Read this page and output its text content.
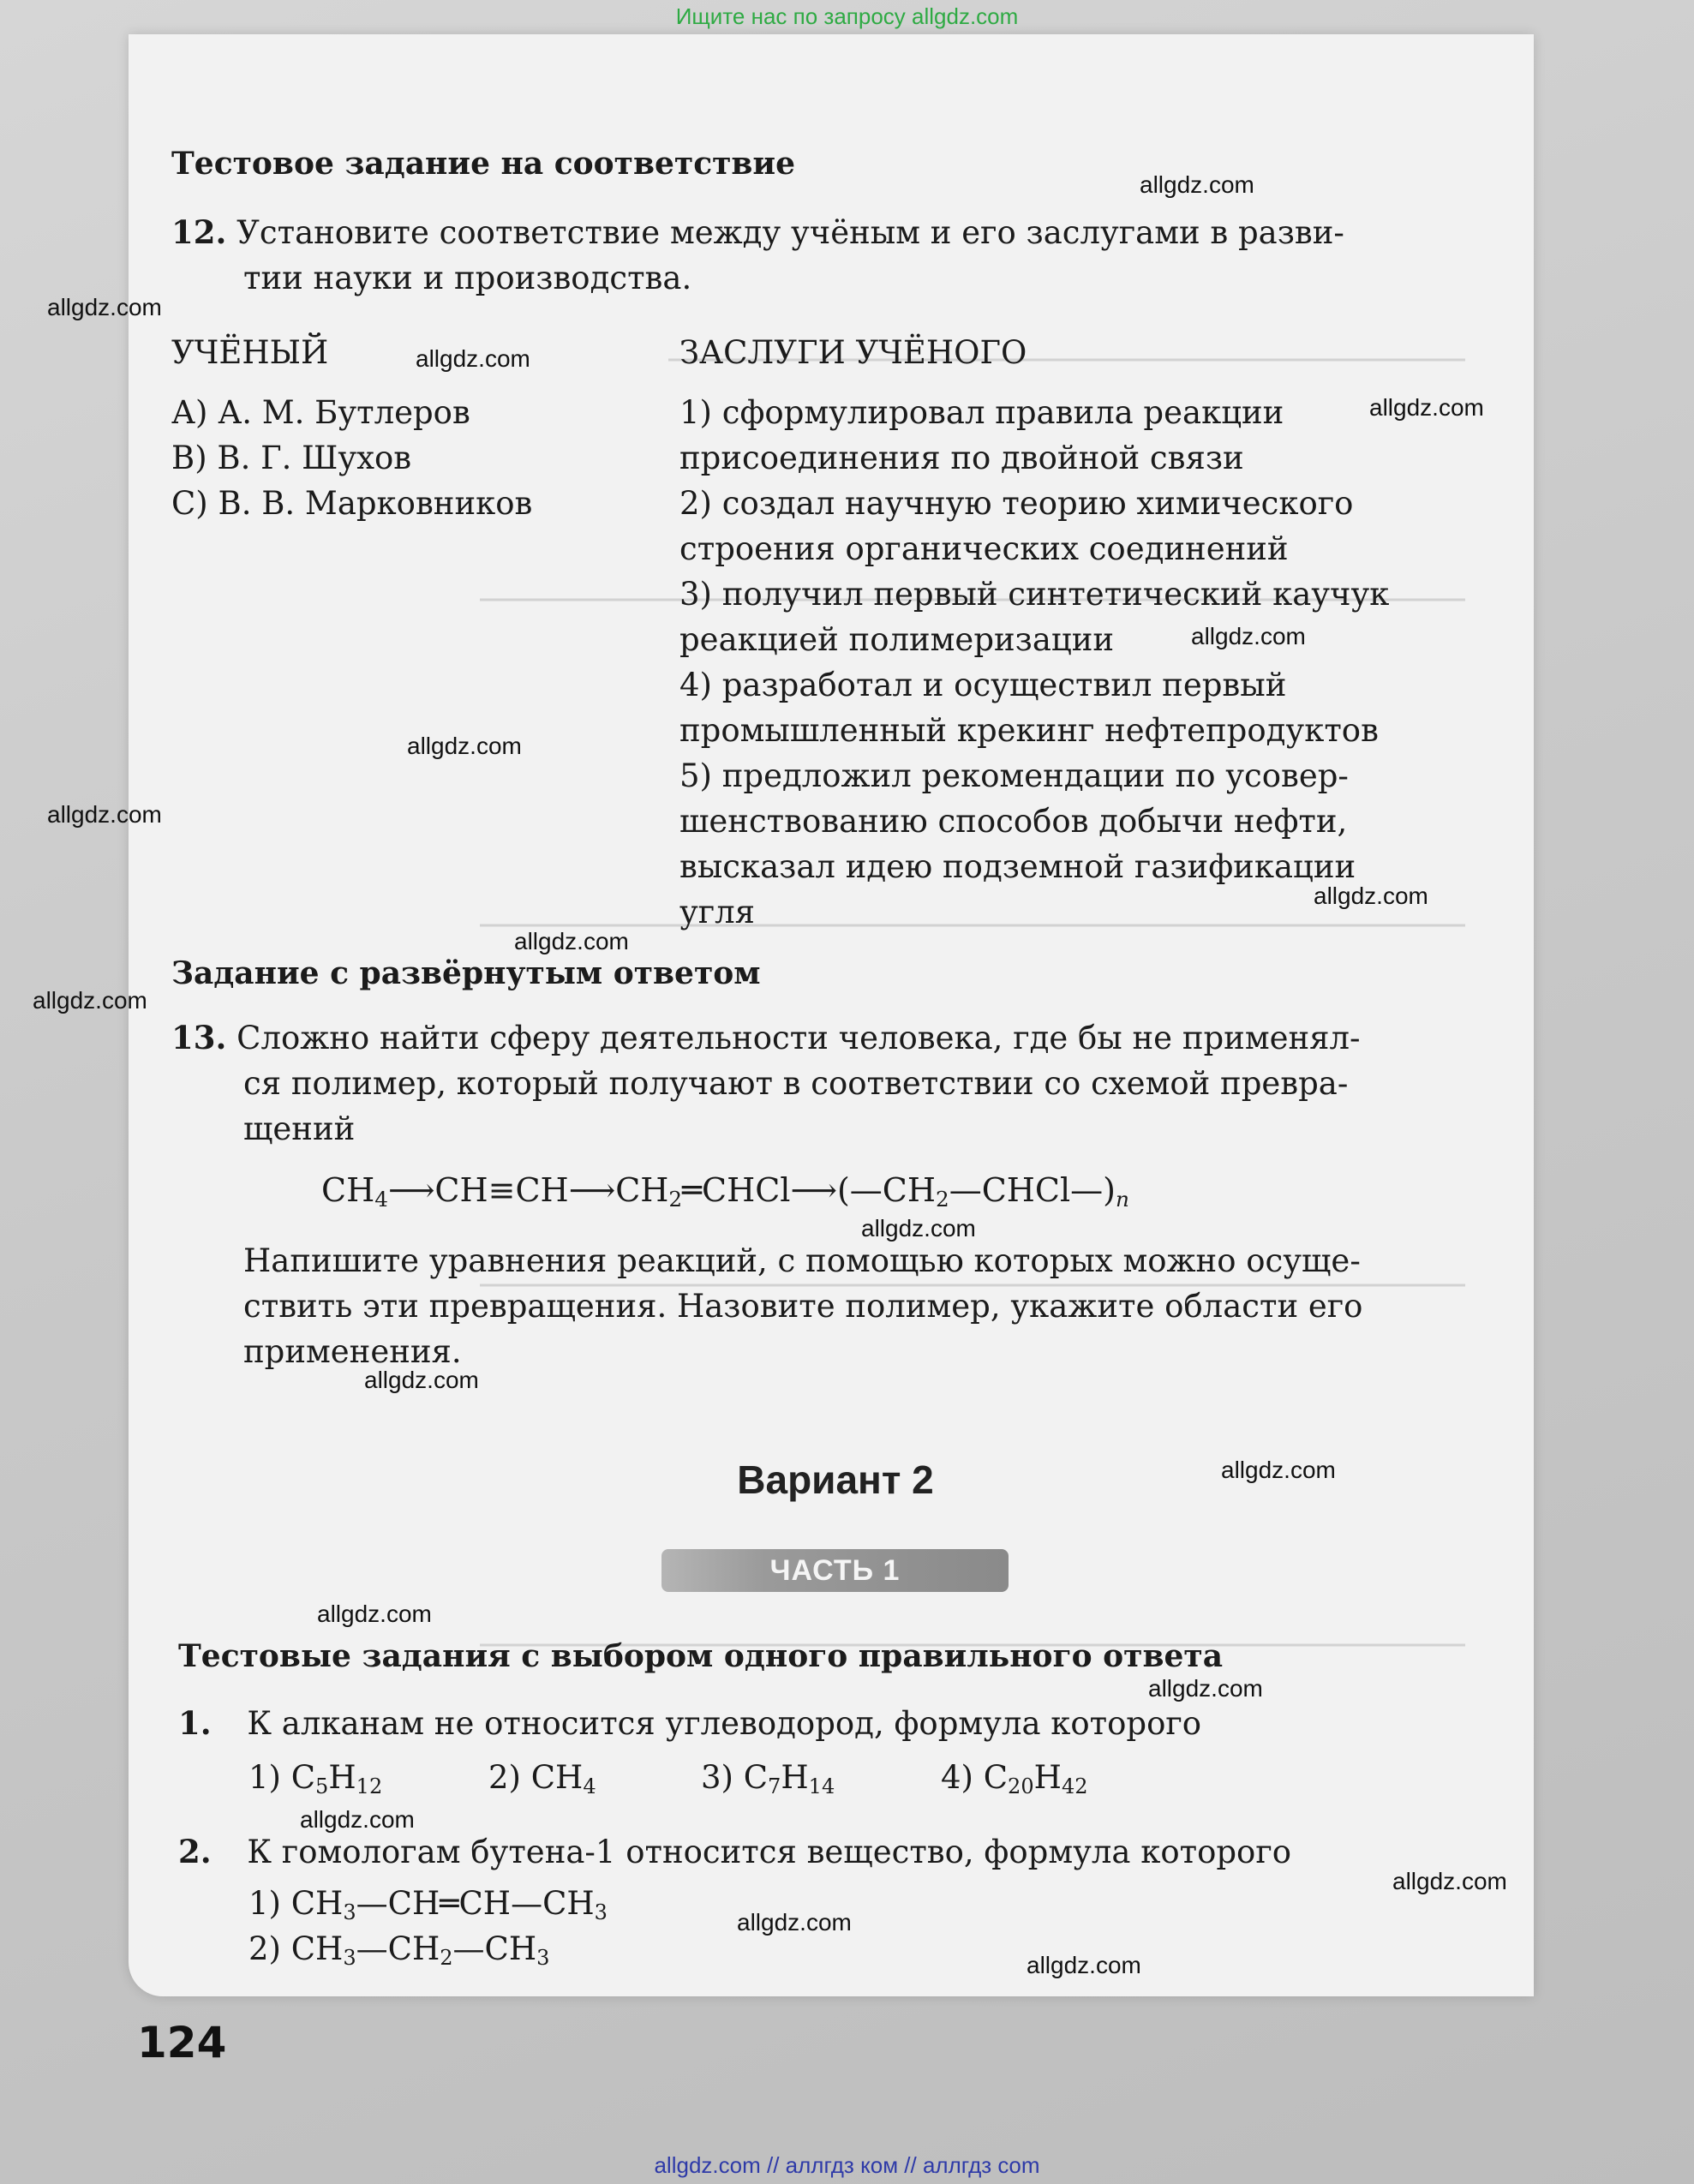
Ищите нас по запросу allgdz.com
Тестовое задание на соответствие
12. Установите соответствие между учёным и его заслугами в разви-
тии науки и производства.
УЧЁНЫЙ	ЗАСЛУГИ УЧЁНОГО
А) А. М. Бутлеров
В) В. Г. Шухов
С) В. В. Марковников
1) сформулировал правила реакции
присоединения по двойной связи
2) создал научную теорию химического
строения органических соединений
3) получил первый синтетический каучук
реакцией полимеризации
4) разработал и осуществил первый
промышленный крекинг нефтепродуктов
5) предложил рекомендации по усовер-
шенствованию способов добычи нефти,
высказал идею подземной газификации
угля
Задание с развёрнутым ответом
13. Сложно найти сферу деятельности человека, где бы не применял-
ся полимер, который получают в соответствии со схемой превра-
щений
$CH_4⟶CH\equiv CH⟶CH_2═CHCl⟶(—CH_2—CHCl—)_n$
Напишите уравнения реакций, с помощью которых можно осуще-
ствить эти превращения. Назовите полимер, укажите области его
применения.
Вариант 2
ЧАСТЬ 1
Тестовые задания с выбором одного правильного ответа
1. К алканам не относится углеводород, формула которого
1) $C_5H_{12}$	2) $CH_4$	3) $C_7H_{14}$	4) $C_{20}H_{42}$
2. К гомологам бутена-1 относится вещество, формула которого
1) $CH_3—CH═CH—CH_3$
2) $CH_3—CH_2—CH_3$
124
allgdz.com
allgdz.com
allgdz.com
allgdz.com
allgdz.com
allgdz.com
allgdz.com
allgdz.com
allgdz.com
allgdz.com
allgdz.com
allgdz.com
allgdz.com
allgdz.com
allgdz.com
allgdz.com
allgdz.com
allgdz.com
allgdz.com
allgdz.com // аллгдз ком // аллгдз com
